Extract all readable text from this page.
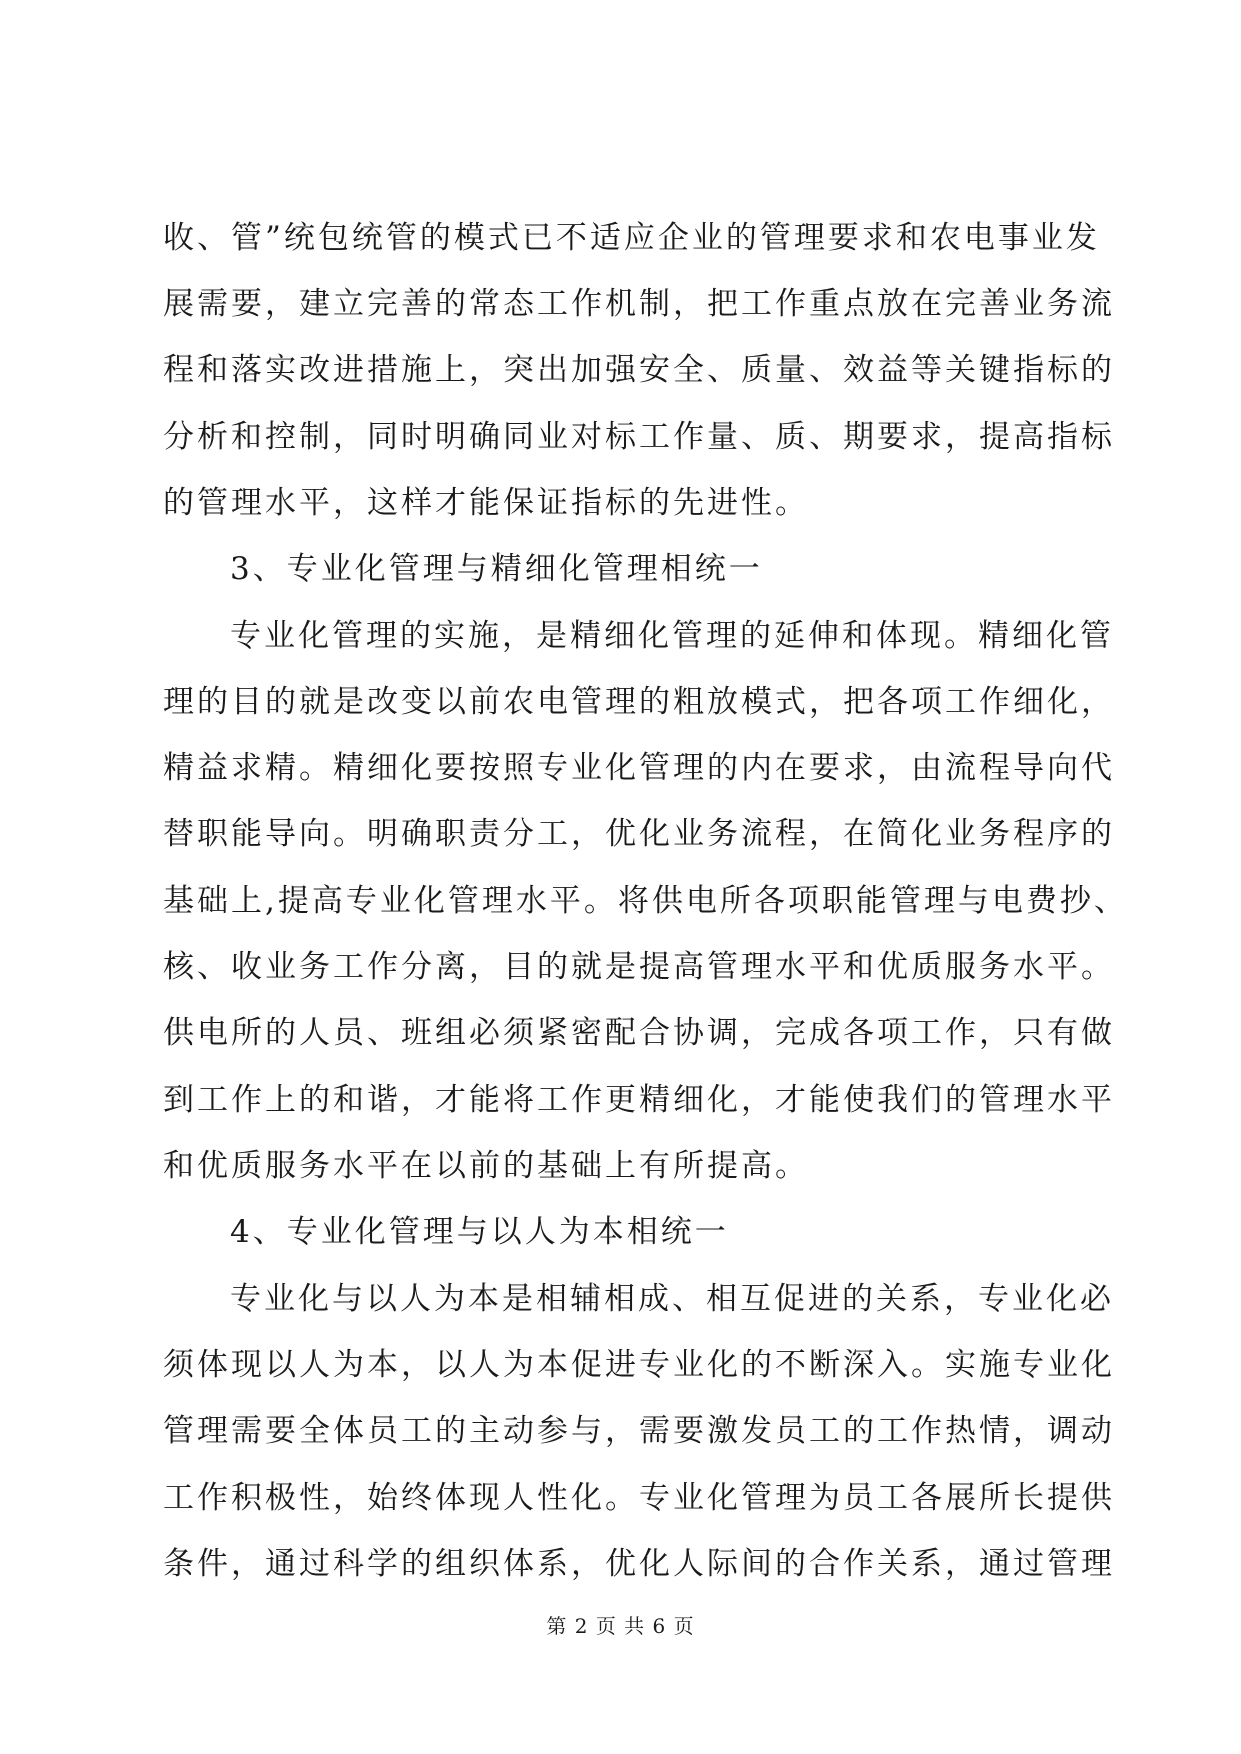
收、管”统包统管的模式已不适应企业的管理要求和农电事业发
展需要，建立完善的常态工作机制，把工作重点放在完善业务流
程和落实改进措施上，突出加强安全、质量、效益等关键指标的
分析和控制，同时明确同业对标工作量、质、期要求，提高指标
的管理水平，这样才能保证指标的先进性。
3、专业化管理与精细化管理相统一
专业化管理的实施，是精细化管理的延伸和体现。精细化管
理的目的就是改变以前农电管理的粗放模式，把各项工作细化，
精益求精。精细化要按照专业化管理的内在要求，由流程导向代
替职能导向。明确职责分工，优化业务流程，在简化业务程序的
基础上,提高专业化管理水平。将供电所各项职能管理与电费抄、
核、收业务工作分离，目的就是提高管理水平和优质服务水平。
供电所的人员、班组必须紧密配合协调，完成各项工作，只有做
到工作上的和谐，才能将工作更精细化，才能使我们的管理水平
和优质服务水平在以前的基础上有所提高。
4、专业化管理与以人为本相统一
专业化与以人为本是相辅相成、相互促进的关系，专业化必
须体现以人为本，以人为本促进专业化的不断深入。实施专业化
管理需要全体员工的主动参与，需要激发员工的工作热情，调动
工作积极性，始终体现人性化。专业化管理为员工各展所长提供
条件，通过科学的组织体系，优化人际间的合作关系，通过管理
第 2 页 共 6 页
